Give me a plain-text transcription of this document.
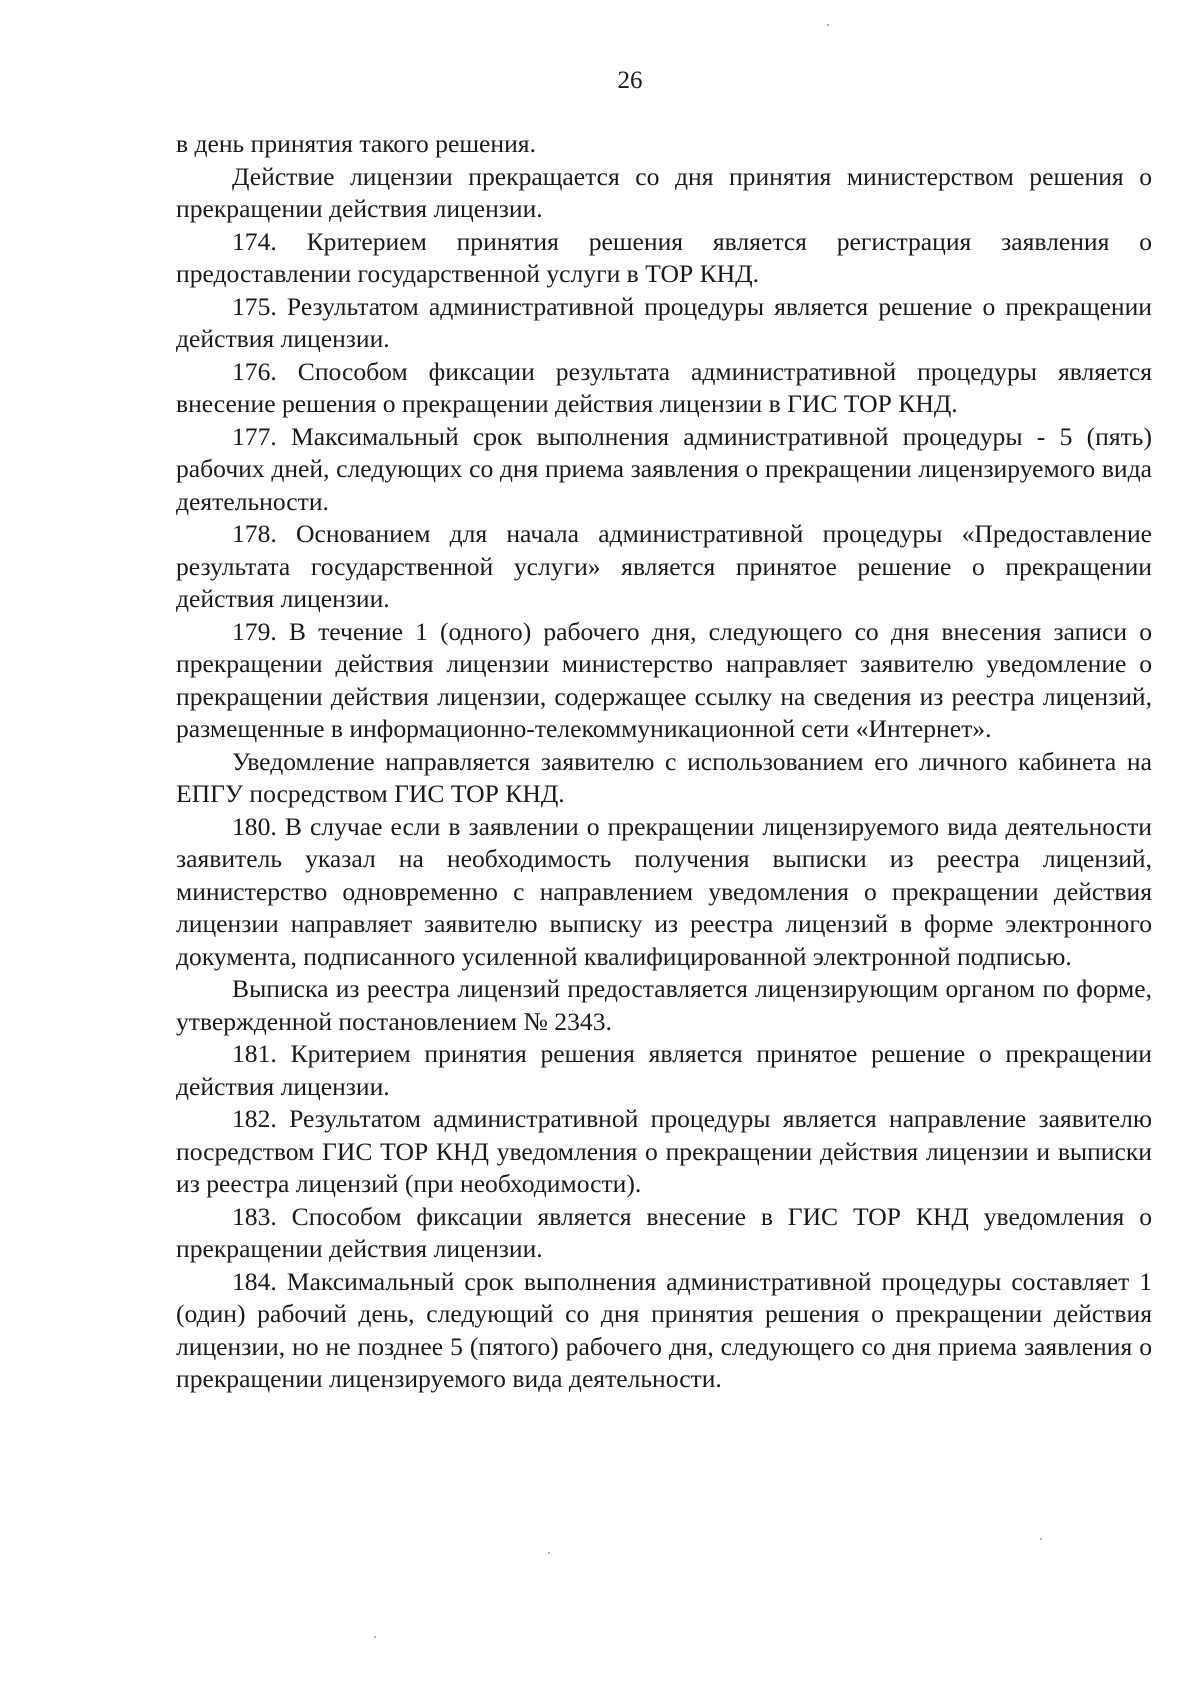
26

в день принятия такого решения.

Действие лицензии прекращается со дня принятия министерством решения о прекращении действия лицензии.

174. Критерием принятия решения является регистрация заявления о предоставлении государственной услуги в ТОР КНД.

175. Результатом административной процедуры является решение о прекращении действия лицензии.

176. Способом фиксации результата административной процедуры является внесение решения о прекращении действия лицензии в ГИС ТОР КНД.

177. Максимальный срок выполнения административной процедуры - 5 (пять) рабочих дней, следующих со дня приема заявления о прекращении лицензируемого вида деятельности.

178. Основанием для начала административной процедуры «Предоставление результата государственной услуги» является принятое решение о прекращении действия лицензии.

179. В течение 1 (одного) рабочего дня, следующего со дня внесения записи о прекращении действия лицензии министерство направляет заявителю уведомление о прекращении действия лицензии, содержащее ссылку на сведения из реестра лицензий, размещенные в информационно-телекоммуникационной сети «Интернет».

Уведомление направляется заявителю с использованием его личного кабинета на ЕПГУ посредством ГИС ТОР КНД.

180. В случае если в заявлении о прекращении лицензируемого вида деятельности заявитель указал на необходимость получения выписки из реестра лицензий, министерство одновременно с направлением уведомления о прекращении действия лицензии направляет заявителю выписку из реестра лицензий в форме электронного документа, подписанного усиленной квалифицированной электронной подписью.

Выписка из реестра лицензий предоставляется лицензирующим органом по форме, утвержденной постановлением № 2343.

181. Критерием принятия решения является принятое решение о прекращении действия лицензии.

182. Результатом административной процедуры является направление заявителю посредством ГИС ТОР КНД уведомления о прекращении действия лицензии и выписки из реестра лицензий (при необходимости).

183. Способом фиксации является внесение в ГИС ТОР КНД уведомления о прекращении действия лицензии.

184. Максимальный срок выполнения административной процедуры составляет 1 (один) рабочий день, следующий со дня принятия решения о прекращении действия лицензии, но не позднее 5 (пятого) рабочего дня, следующего со дня приема заявления о прекращении лицензируемого вида деятельности.
